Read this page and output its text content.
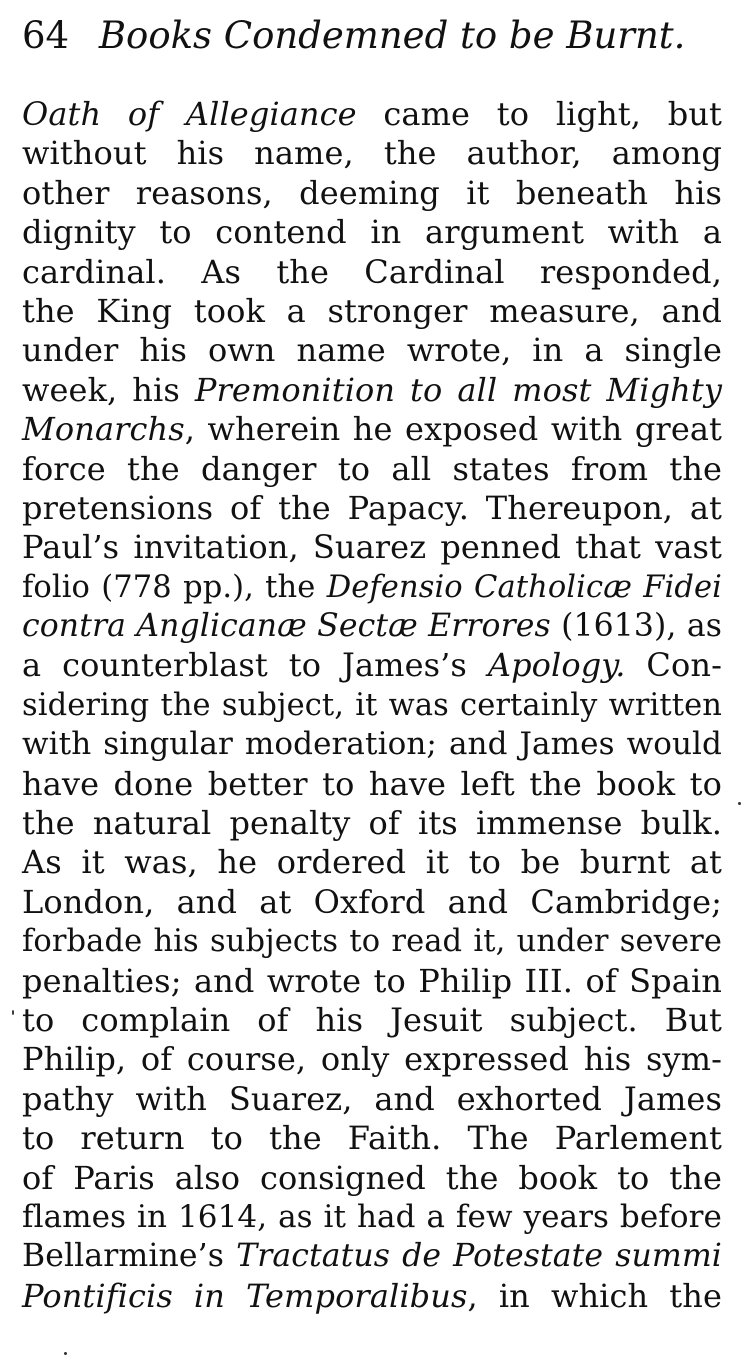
64 Books Condemned to be Burnt.
Oath of Allegiance came to light, but
without his name, the author, among
other reasons, deeming it beneath his
dignity to contend in argument with a
cardinal. As the Cardinal responded,
the King took a stronger measure, and
under his own name wrote, in a single
week, his Premonition to all most Mighty
Monarchs, wherein he exposed with great
force the danger to all states from the
pretensions of the Papacy. Thereupon, at
Paul’s invitation, Suarez penned that vast
folio (778 pp.), the Defensio Catholicæ Fidei
contra Anglicanæ Sectæ Errores (1613), as
a counterblast to James’s Apology. Con-
sidering the subject, it was certainly written
with singular moderation; and James would
have done better to have left the book to
the natural penalty of its immense bulk.
As it was, he ordered it to be burnt at
London, and at Oxford and Cambridge;
forbade his subjects to read it, under severe
penalties; and wrote to Philip III. of Spain
to complain of his Jesuit subject. But
Philip, of course, only expressed his sym-
pathy with Suarez, and exhorted James
to return to the Faith. The Parlement
of Paris also consigned the book to the
flames in 1614, as it had a few years before
Bellarmine’s Tractatus de Potestate summi
Pontificis in Temporalibus, in which the
